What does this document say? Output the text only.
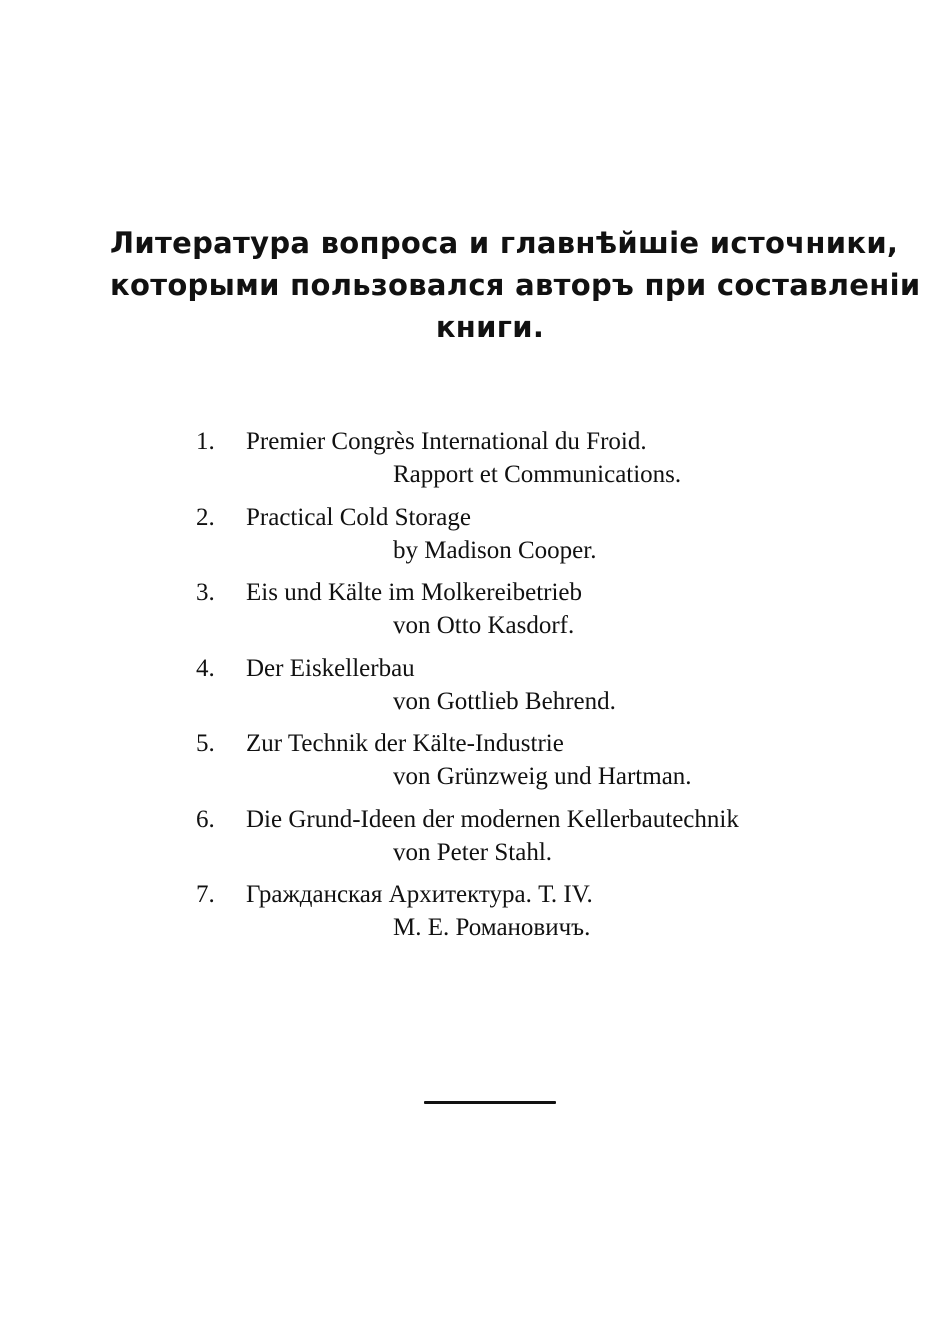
Литература вопроса и главнѣйшіе источники,
которыми пользовался авторъ при составленіи
книги.
1.	Premier Congrès International du Froid.
Rapport et Communications.
2.	Practical Cold Storage
by Madison Cooper.
3.	Eis und Kälte im Molkereibetrieb
von Otto Kasdorf.
4.	Der Eiskellerbau
von Gottlieb Behrend.
5.	Zur Technik der Kälte-Industrie
von Grünzweig und Hartman.
6.	Die Grund-Ideen der modernen Kellerbautechnik
von Peter Stahl.
7.	Гражданская Архитектура. Т. IV.
М. Е. Романовичъ.
